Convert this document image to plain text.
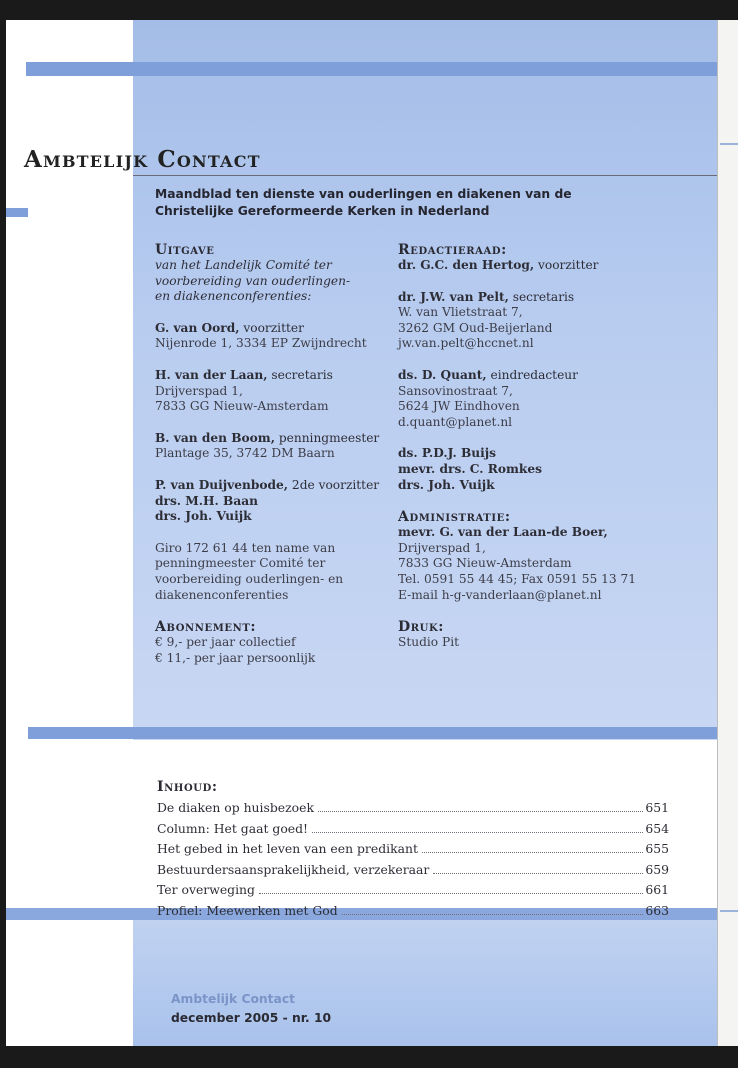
Ambtelijk Contact
Maandblad ten dienste van ouderlingen en diakenen van de
Christelijke Gereformeerde Kerken in Nederland
Uitgave
van het Landelijk Comité ter
voorbereiding van ouderlingen-
en diakenenconferenties:
G. van Oord, voorzitter
Nijenrode 1, 3334 EP Zwijndrecht
H. van der Laan, secretaris
Drijverspad 1,
7833 GG Nieuw-Amsterdam
B. van den Boom, penningmeester
Plantage 35, 3742 DM Baarn
P. van Duijvenbode, 2de voorzitter
drs. M.H. Baan
drs. Joh. Vuijk
Giro 172 61 44 ten name van
penningmeester Comité ter
voorbereiding ouderlingen- en
diakenenconferenties
Abonnement:
€ 9,- per jaar collectief
€ 11,- per jaar persoonlijk
Redactieraad:
dr. G.C. den Hertog, voorzitter
dr. J.W. van Pelt, secretaris
W. van Vlietstraat 7,
3262 GM Oud-Beijerland
jw.van.pelt@hccnet.nl
ds. D. Quant, eindredacteur
Sansovinostraat 7,
5624 JW Eindhoven
d.quant@planet.nl
ds. P.D.J. Buijs
mevr. drs. C. Romkes
drs. Joh. Vuijk
Administratie:
mevr. G. van der Laan-de Boer,
Drijverspad 1,
7833 GG Nieuw-Amsterdam
Tel. 0591 55 44 45; Fax 0591 55 13 71
E-mail h-g-vanderlaan@planet.nl
Druk:
Studio Pit
Inhoud:
De diaken op huisbezoek	651
Column: Het gaat goed!	654
Het gebed in het leven van een predikant	655
Bestuurdersaansprakelijkheid, verzekeraar	659
Ter overweging	661
Profiel: Meewerken met God	663
Ambtelijk Contact
december 2005 - nr. 10
